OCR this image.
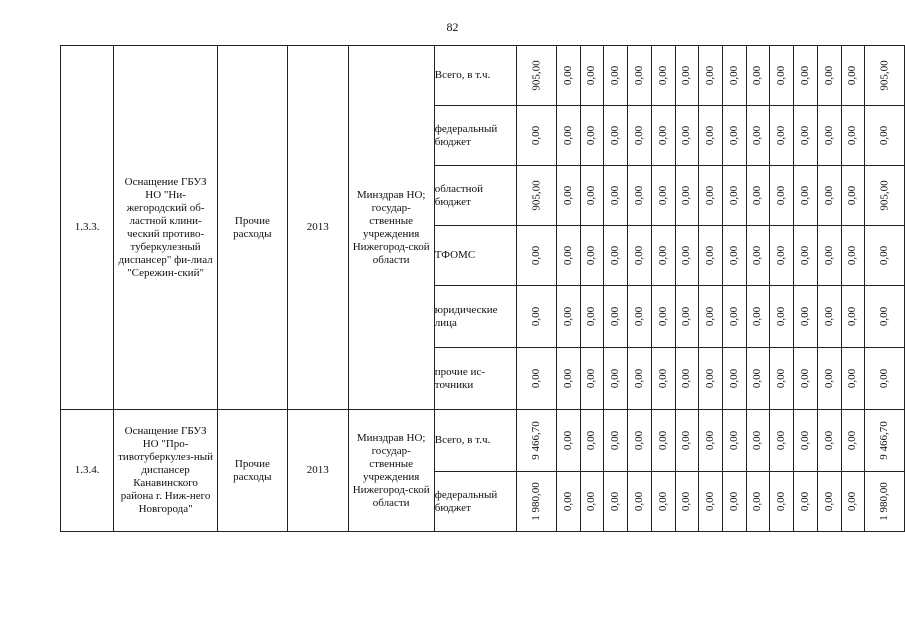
82
1.3.3.	Оснащение ГБУЗ НО "Ни-жегородский об-ластной клини-ческий противо-туберкулезный диспансер" фи-лиал "Сережин-ский"	Прочие расходы	2013	Минздрав НО; государ-ственные учреждения Нижегород-ской области	Всего, в т.ч.	905,00	0,00	0,00	0,00	0,00	0,00	0,00	0,00	0,00	0,00	0,00	0,00	0,00	0,00	905,00
					федеральный бюджет	0,00	0,00	0,00	0,00	0,00	0,00	0,00	0,00	0,00	0,00	0,00	0,00	0,00	0,00	0,00
					областной бюджет	905,00	0,00	0,00	0,00	0,00	0,00	0,00	0,00	0,00	0,00	0,00	0,00	0,00	0,00	905,00
					ТФОМС	0,00	0,00	0,00	0,00	0,00	0,00	0,00	0,00	0,00	0,00	0,00	0,00	0,00	0,00	0,00
					юридические лица	0,00	0,00	0,00	0,00	0,00	0,00	0,00	0,00	0,00	0,00	0,00	0,00	0,00	0,00	0,00
					прочие ис-точники	0,00	0,00	0,00	0,00	0,00	0,00	0,00	0,00	0,00	0,00	0,00	0,00	0,00	0,00	0,00
1.3.4.	Оснащение ГБУЗ НО "Про-тивотуберкулез-ный диспансер Канавинского района г. Ниж-него Новгорода"	Прочие расходы	2013	Минздрав НО; государ-ственные учреждения Нижегород-ской области	Всего, в т.ч.	9 466,70	0,00	0,00	0,00	0,00	0,00	0,00	0,00	0,00	0,00	0,00	0,00	0,00	0,00	9 466,70
					федеральный бюджет	1 980,00	0,00	0,00	0,00	0,00	0,00	0,00	0,00	0,00	0,00	0,00	0,00	0,00	0,00	1 980,00
